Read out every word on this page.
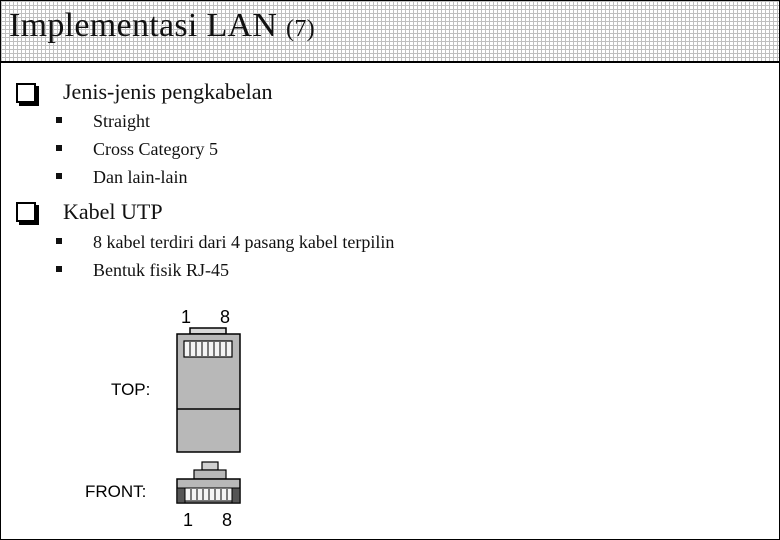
Implementasi LAN (7)
Jenis-jenis pengkabelan
Straight
Cross Category 5
Dan lain-lain
Kabel UTP
8 kabel terdiri dari 4 pasang kabel terpilin
Bentuk fisik RJ-45
1 8
TOP:
FRONT:
1 8
